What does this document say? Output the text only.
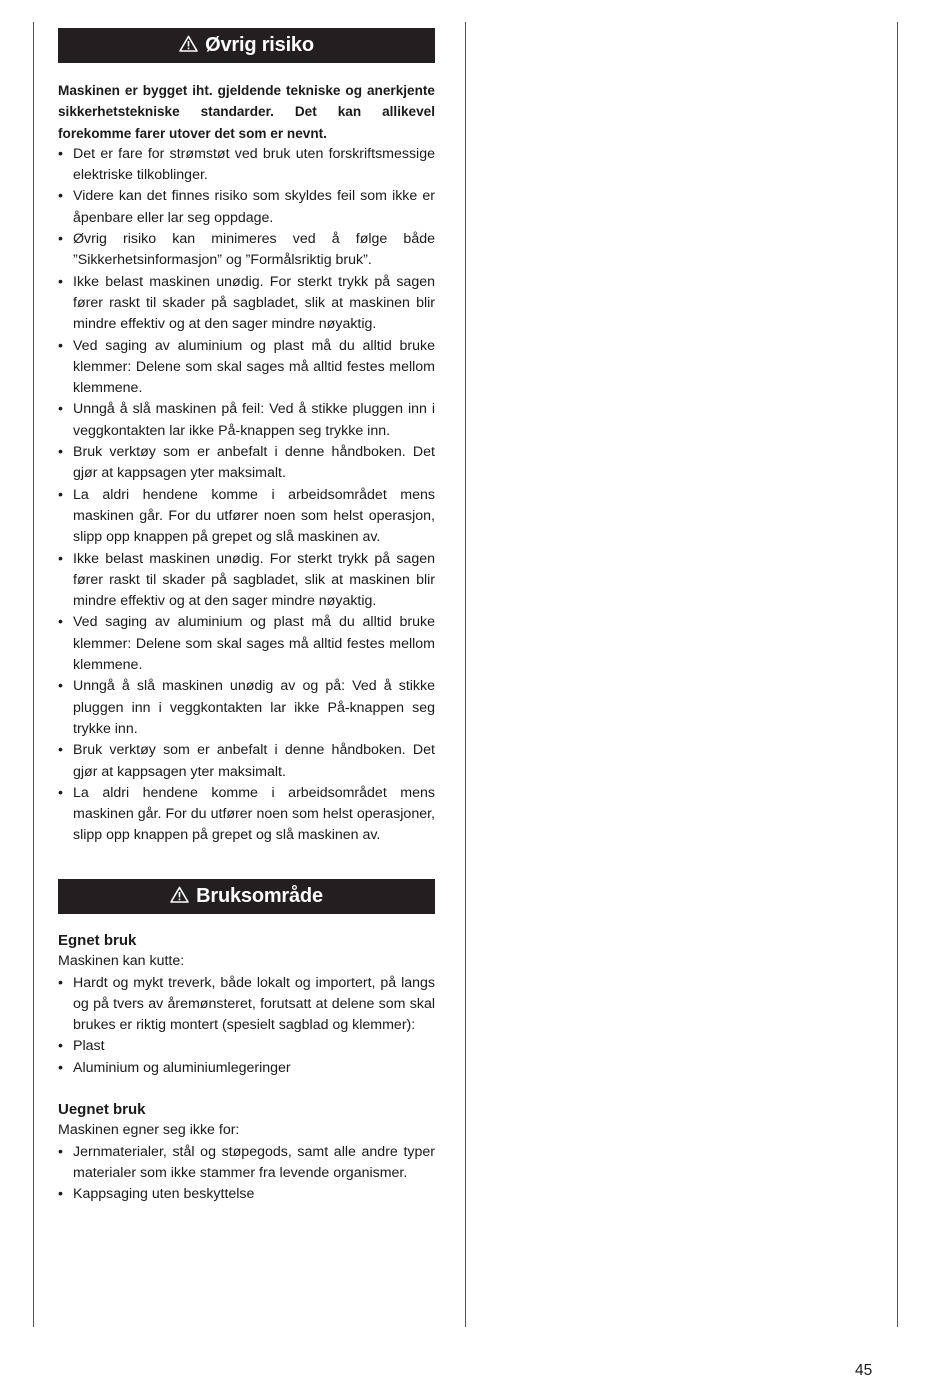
Øvrig risiko

Maskinen er bygget iht. gjeldende tekniske og anerkjente sikkerhetstekniske standarder. Det kan allikevel forekomme farer utover det som er nevnt.

• Det er fare for strømstøt ved bruk uten forskriftsmessige elektriske tilkoblinger.
• Videre kan det finnes risiko som skyldes feil som ikke er åpenbare eller lar seg oppdage.
• Øvrig risiko kan minimeres ved å følge både ”Sikkerhetsinformasjon” og ”Formålsriktig bruk”.
• Ikke belast maskinen unødig. For sterkt trykk på sagen fører raskt til skader på sagbladet, slik at maskinen blir mindre effektiv og at den sager mindre nøyaktig.
• Ved saging av aluminium og plast må du alltid bruke klemmer: Delene som skal sages må alltid festes mellom klemmene.
• Unngå å slå maskinen på feil: Ved å stikke pluggen inn i veggkontakten lar ikke På-knappen seg trykke inn.
• Bruk verktøy som er anbefalt i denne håndboken. Det gjør at kappsagen yter maksimalt.
• La aldri hendene komme i arbeidsområdet mens maskinen går. For du utfører noen som helst operasjon, slipp opp knappen på grepet og slå maskinen av.
• Ikke belast maskinen unødig. For sterkt trykk på sagen fører raskt til skader på sagbladet, slik at maskinen blir mindre effektiv og at den sager mindre nøyaktig.
• Ved saging av aluminium og plast må du alltid bruke klemmer: Delene som skal sages må alltid festes mellom klemmene.
• Unngå å slå maskinen unødig av og på: Ved å stikke pluggen inn i veggkontakten lar ikke På-knappen seg trykke inn.
• Bruk verktøy som er anbefalt i denne håndboken. Det gjør at kappsagen yter maksimalt.
• La aldri hendene komme i arbeidsområdet mens maskinen går. For du utfører noen som helst operasjoner, slipp opp knappen på grepet og slå maskinen av.
Bruksområde

Egnet bruk

Maskinen kan kutte:

• Hardt og mykt treverk, både lokalt og importert, på langs og på tvers av åremønsteret, forutsatt at delene som skal brukes er riktig montert (spesielt sagblad og klemmer):
• Plast
• Aluminium og aluminiumlegeringer

Uegnet bruk

Maskinen egner seg ikke for:

• Jernmaterialer, stål og støpegods, samt alle andre typer materialer som ikke stammer fra levende organismer.
• Kappsaging uten beskyttelse
45
